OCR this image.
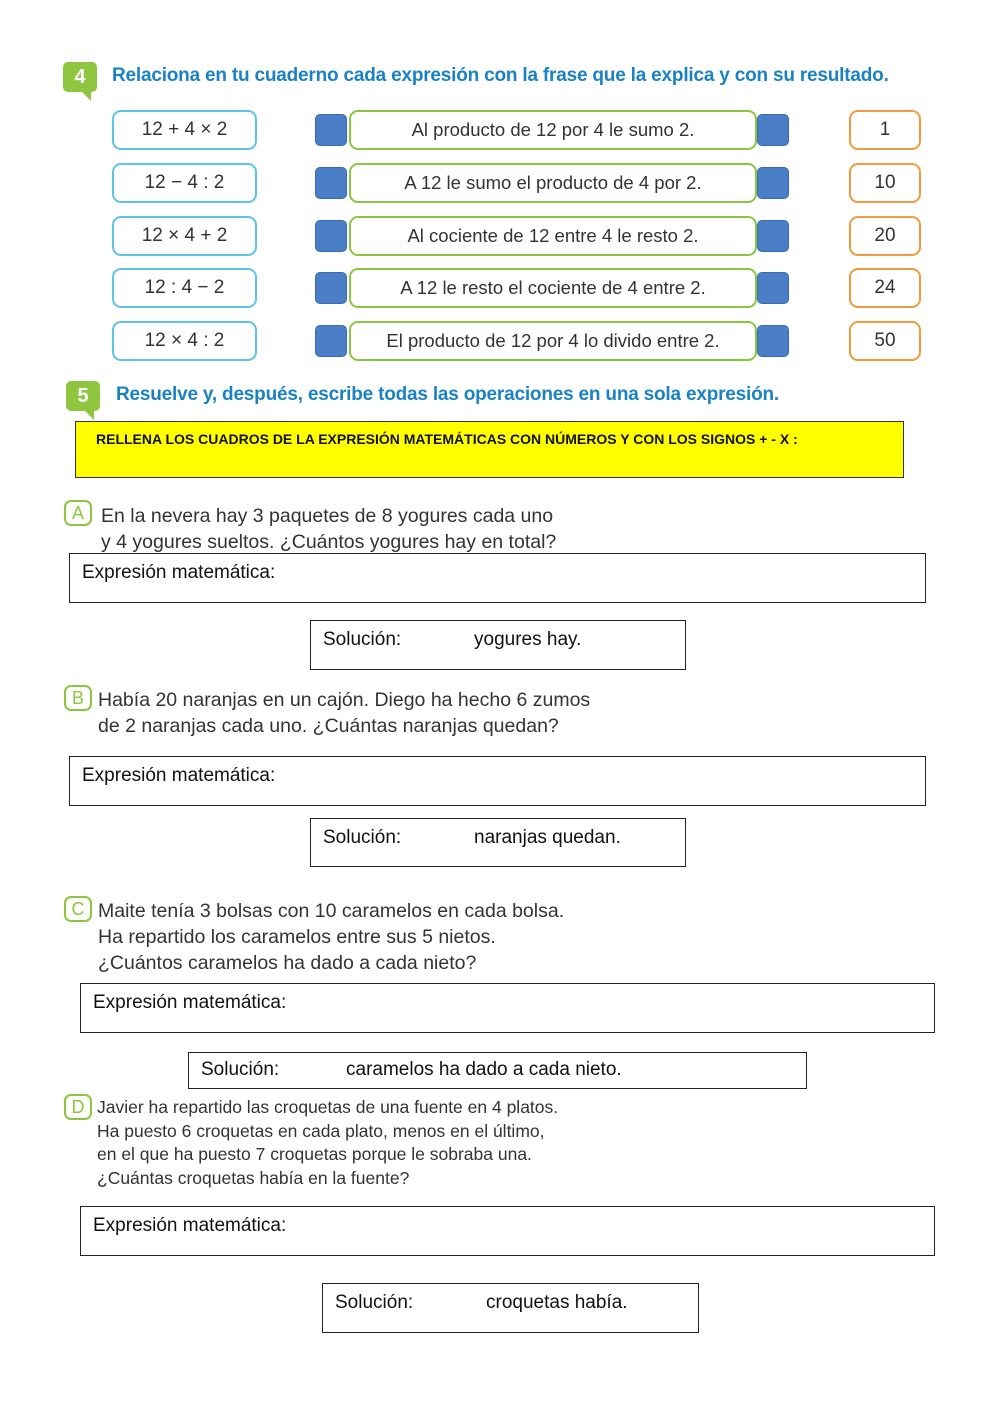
4 Relaciona en tu cuaderno cada expresión con la frase que la explica y con su resultado.
12 + 4 × 2	Al producto de 12 por 4 le sumo 2.	1
12 − 4 : 2	A 12 le sumo el producto de 4 por 2.	10
12 × 4 + 2	Al cociente de 12 entre 4 le resto 2.	20
12 : 4 − 2	A 12 le resto el cociente de 4 entre 2.	24
12 × 4 : 2	El producto de 12 por 4 lo divido entre 2.	50
5 Resuelve y, después, escribe todas las operaciones en una sola expresión.
RELLENA LOS CUADROS DE LA EXPRESIÓN MATEMÁTICAS CON NÚMEROS Y CON LOS SIGNOS + - X :
A En la nevera hay 3 paquetes de 8 yogures cada uno
y 4 yogures sueltos. ¿Cuántos yogures hay en total?
Expresión matemática:
Solución:	yogures hay.
B Había 20 naranjas en un cajón. Diego ha hecho 6 zumos
de 2 naranjas cada uno. ¿Cuántas naranjas quedan?
Expresión matemática:
Solución:	naranjas quedan.
C Maite tenía 3 bolsas con 10 caramelos en cada bolsa.
Ha repartido los caramelos entre sus 5 nietos.
¿Cuántos caramelos ha dado a cada nieto?
Expresión matemática:
Solución:	caramelos ha dado a cada nieto.
D Javier ha repartido las croquetas de una fuente en 4 platos.
Ha puesto 6 croquetas en cada plato, menos en el último,
en el que ha puesto 7 croquetas porque le sobraba una.
¿Cuántas croquetas había en la fuente?
Expresión matemática:
Solución:	croquetas había.
